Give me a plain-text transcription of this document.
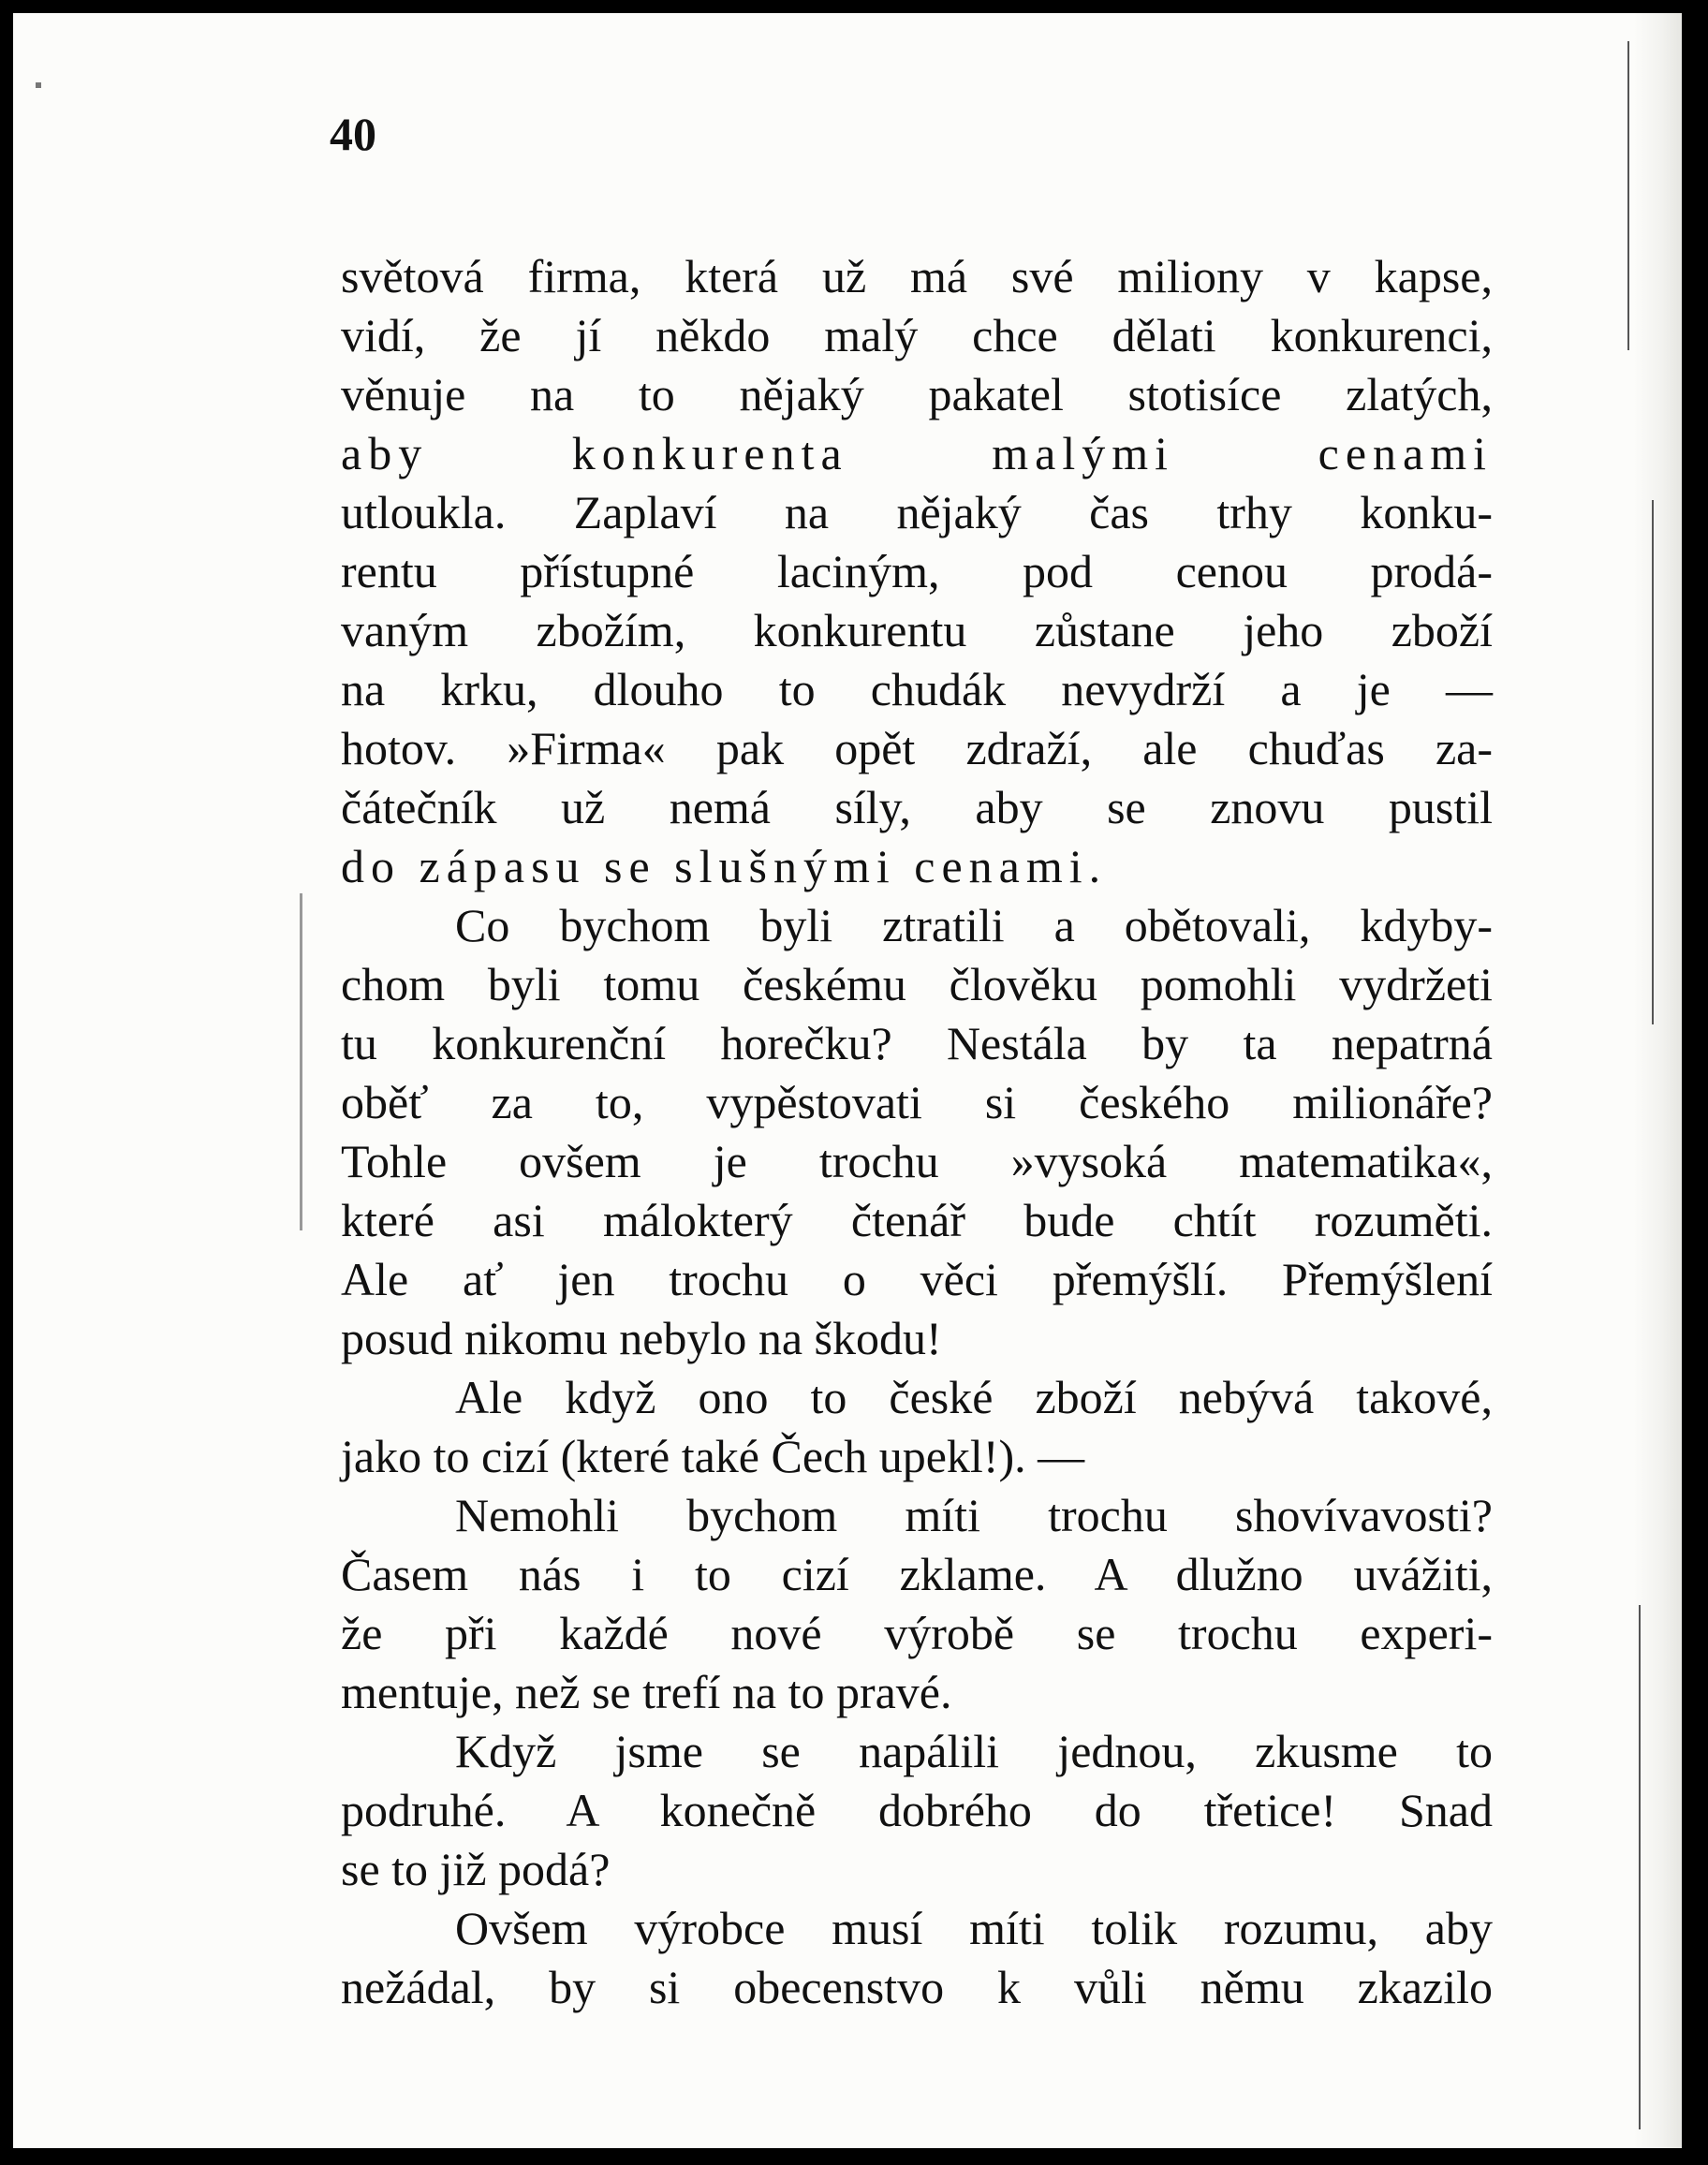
40
světová firma, která už má své miliony v kapse,
vidí, že jí někdo malý chce dělati konkurenci,
věnuje na to nějaký pakatel stotisíce zlatých,
aby konkurenta malými cenami
utloukla. Zaplaví na nějaký čas trhy konku-
rentu přístupné laciným, pod cenou prodá-
vaným zbožím, konkurentu zůstane jeho zboží
na krku, dlouho to chudák nevydrží a je —
hotov. »Firma« pak opět zdraží, ale chuďas za-
čátečník už nemá síly, aby se znovu pustil
do zápasu se slušnými cenami.
Co bychom byli ztratili a obětovali, kdyby-
chom byli tomu českému člověku pomohli vydržeti
tu konkurenční horečku? Nestála by ta nepatrná
oběť za to, vypěstovati si českého milionáře?
Tohle ovšem je trochu »vysoká matematika«,
které asi málokterý čtenář bude chtít rozuměti.
Ale ať jen trochu o věci přemýšlí. Přemýšlení
posud nikomu nebylo na škodu!
Ale když ono to české zboží nebývá takové,
jako to cizí (které také Čech upekl!). —
Nemohli bychom míti trochu shovívavosti?
Časem nás i to cizí zklame. A dlužno uvážiti,
že při každé nové výrobě se trochu experi-
mentuje, než se trefí na to pravé.
Když jsme se napálili jednou, zkusme to
podruhé. A konečně dobrého do třetice! Snad
se to již podá?
Ovšem výrobce musí míti tolik rozumu, aby
nežádal, by si obecenstvo k vůli němu zkazilo
